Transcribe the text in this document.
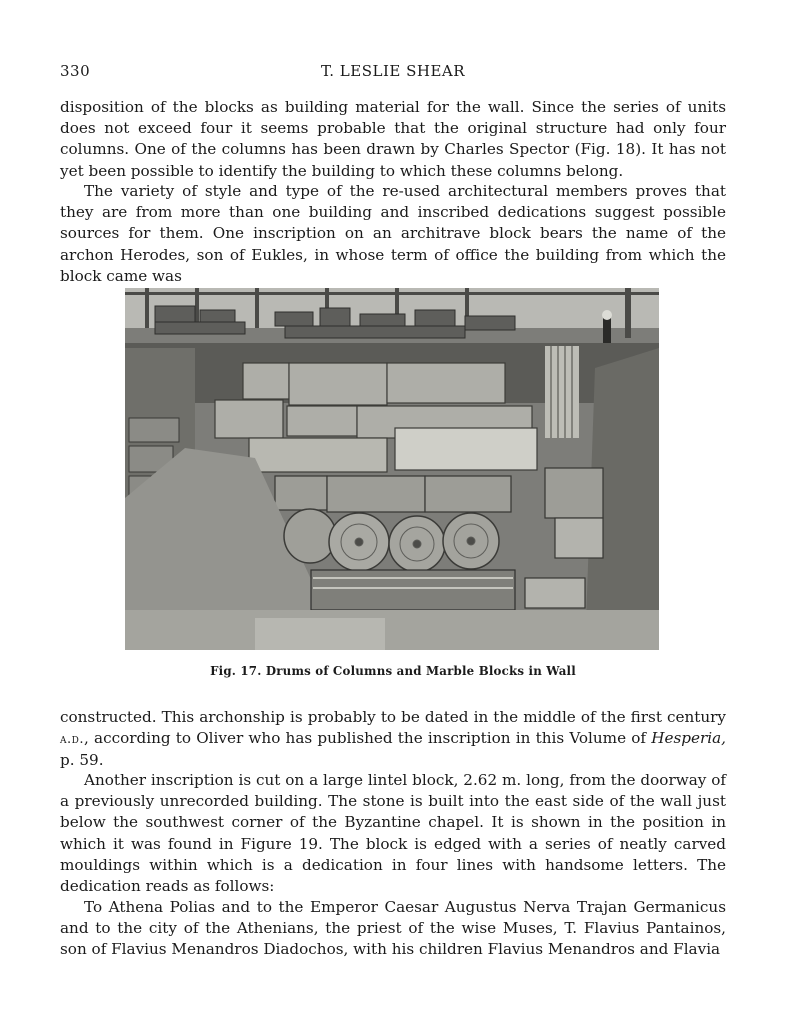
330	T. LESLIE SHEAR

disposition of the blocks as building material for the wall. Since the series of units does not exceed four it seems probable that the original structure had only four columns. One of the columns has been drawn by Charles Spector (Fig. 18). It has not yet been possible to identify the building to which these columns belong.

The variety of style and type of the re-used architectural members proves that they are from more than one building and inscribed dedications suggest possible sources for them. One inscription on an architrave block bears the name of the archon Herodes, son of Eukles, in whose term of office the building from which the block came was

Fig. 17. Drums of Columns and Marble Blocks in Wall

constructed. This archonship is probably to be dated in the middle of the first century a.d., according to Oliver who has published the inscription in this Volume of Hesperia, p. 59.

Another inscription is cut on a large lintel block, 2.62 m. long, from the doorway of a previously unrecorded building. The stone is built into the east side of the wall just below the southwest corner of the Byzantine chapel. It is shown in the position in which it was found in Figure 19. The block is edged with a series of neatly carved mouldings within which is a dedication in four lines with handsome letters. The dedication reads as follows:

To Athena Polias and to the Emperor Caesar Augustus Nerva Trajan Germanicus and to the city of the Athenians, the priest of the wise Muses, T. Flavius Pantainos, son of Flavius Menandros Diadochos, with his children Flavius Menandros and Flavia
